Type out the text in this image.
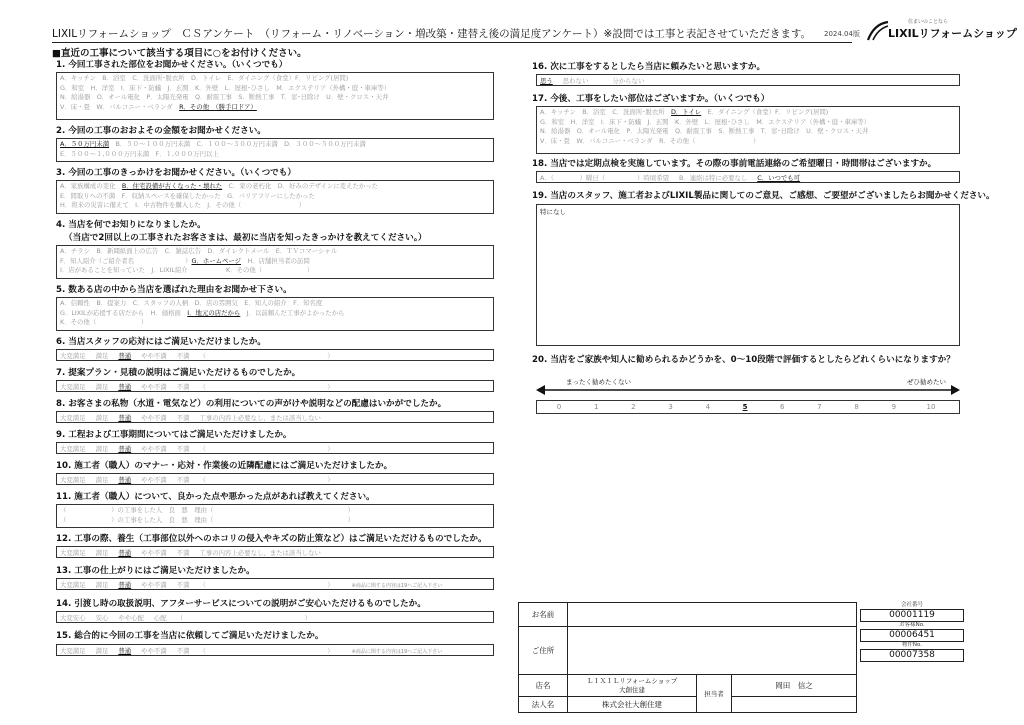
LIXILリフォームショップ　ＣＳアンケート　（リフォーム・リノベーション・増改築・建替え後の満足度アンケート）※設問では工事と表記させていただきます。 2024.04版
住まいのことなら
LIXILリフォームショップ
■直近の工事について該当する項目に○をお付けください。
1. 今回工事された部位をお聞かせください。（いくつでも）
A．キッチン　B．浴室　C．洗面所･脱衣所　D．トイレ　E．ダイニング（食堂）F．リビング(居間)
G．和室　H．洋室　I．床下・防蟻　J．玄関　K．外壁　L．屋根･ひさし　M．エクステリア（外構・庭・車庫等）
N．給湯器　O．オール電化　P．太陽光発電　Q．耐震工事　S．断熱工事　T．窓･日除け　U．壁・クロス・天井
V．床・畳　W．バルコニー・ベランダ　R．その他　（勝手口ドア）
2. 今回の工事のおおよその金額をお聞かせください。
A．５０万円未満　B．５０～１００万円未満　C．１００～３００万円未満　D．３００～５００万円未満
E．５００～１,０００万円未満　F．１,０００万円以上
3. 今回の工事のきっかけをお聞かせください。（いくつでも）
A．家族構成の変化　B．住宅設備が古くなった・壊れた　C．家の老朽化　D．好みのデザインに変えたかった
E．間取りへの不満　F．収納スペースを確保したかった　G．バリアフリーにしたかった
H．将来の災害に備えて　I．中古物件を購入した　J．その他（　　　　　　　　　）
4. 当店を何でお知りになりましたか。
（当店で2回以上の工事されたお客さまは、最初に当店を知ったきっかけを教えてください。）
A．チラシ　B．新聞紙面上の広告　C．雑誌広告　D．ダイレクトメール　E．ＴＶコマーシャル
F．知人紹介（ご紹介者名　　　　　　　　）G．ホームページ　H．店舗担当者の訪問
I．店があることを知っていた　J．LIXIL紹介　　　　　　K．その他（　　　　　　　）
5. 数ある店の中から当店を選ばれた理由をお聞かせ下さい。
A．信頼性　B．提案力　C．スタッフの人柄　D．店の雰囲気　E．知人の紹介　F．知名度
G．LIXILが応援する店だから　H．価格面　I．地元の店だから　J．以前頼んだ工事がよかったから
K．その他（　　　　　　　）
6. 当店スタッフの応対にはご満足いただけましたか。
大変満足 満足 普通 やや不満 不満 （　　　　　　　　　　　　　　　　　　　）
7. 提案プラン・見積の説明はご満足いただけるものでしたか。
大変満足 満足 普通 やや不満 不満 （　　　　　　　　　　　　　　　　　　　）
8. お客さまの私物（水道・電気など）の利用についての声がけや説明などの配慮はいかがでしたか。
大変満足 満足 普通 やや不満 不満 工事の内容上必要なし、または該当しない
9. 工程および工事期間についてはご満足いただけましたか。
大変満足 満足 普通 やや不満 不満 （　　　　　　　　　　　　　　　　　　　）
10. 施工者（職人）のマナー・応対・作業後の近隣配慮にはご満足いただけましたか。
大変満足 満足 普通 やや不満 不満 （　　　　　　　　　　　　　　　　　　　）
11. 施工者（職人）について、良かった点や悪かった点があれば教えてください。
（　　　　　　　）の工事をした人　良　悪　理由（　　　　　　　　　　　　　　　　　　　　　）
（　　　　　　　）の工事をした人　良　悪　理由（　　　　　　　　　　　　　　　　　　　　　）
12. 工事の際、養生（工事部位以外へのホコリの侵入やキズの防止策など）はご満足いただけるものでしたか。
大変満足 満足 普通 やや不満 不満 工事の内容上必要なし、または該当しない
13. 工事の仕上がりにはご満足いただけましたか。
大変満足 満足 普通 やや不満 不満 （　　　　　　　　　　　　　　　　　　　）	※商品に関する内容は19へご記入下さい
14. 引渡し時の取扱説明、アフターサービスについての説明がご安心いただけるものでしたか。
大変安心 安心 やや心配 心配 （　　　　　　　　　　　　　　　　　　　）
15. 総合的に今回の工事を当店に依頼してご満足いただけましたか。
大変満足 満足 普通 やや不満 不満 （　　　　　　　　　　　　　　　　　　　）	※商品に関する内容は19へご記入下さい
16. 次に工事をするとしたら当店に頼みたいと思いますか。
思う 思わない	分からない
17. 今後、工事をしたい部位はございますか。（いくつでも）
A．キッチン　B．浴室　C．洗面所･脱衣所　D．トイレ　E．ダイニング（食堂）F．リビング(居間)
G．和室　H．洋室　I．床下・防蟻　J．玄関　K．外壁　L．屋根･ひさし　M．エクステリア（外構・庭・車庫等）
N．給湯器　O．オール電化　P．太陽光発電　Q．耐震工事　S．断熱工事　T．窓･日除け　U．壁・クロス・天井
V．床・畳　W．バルコニー・ベランダ　R．その他（　　　　　　　　　）
18. 当店では定期点検を実施しています。その際の事前電話連絡のご希望曜日・時間帯はございますか。
A．（　　　　）曜日（　　　　　）時頃希望 B．連絡は特に必要なし C．いつでも可
19. 当店のスタッフ、施工者およびLIXIL製品に関してのご意見、ご感想、ご要望がございましたらお聞かせください。
特になし
20. 当店をご家族や知人に勧められるかどうかを、0～10段階で評価するとしたらどれくらいになりますか？
まったく勧めたくない	ぜひ勧めたい
0	1	2	3	4	5	6	7	8	9	10
お名前			
ご住所			
店名	ＬＩＸＩＬリフォームショップ
大創住建	担当者	岡田　信之
法人名	株式会社大創住建		
会社番号
00001119
お客様No.
00006451
物件No.
00007358
